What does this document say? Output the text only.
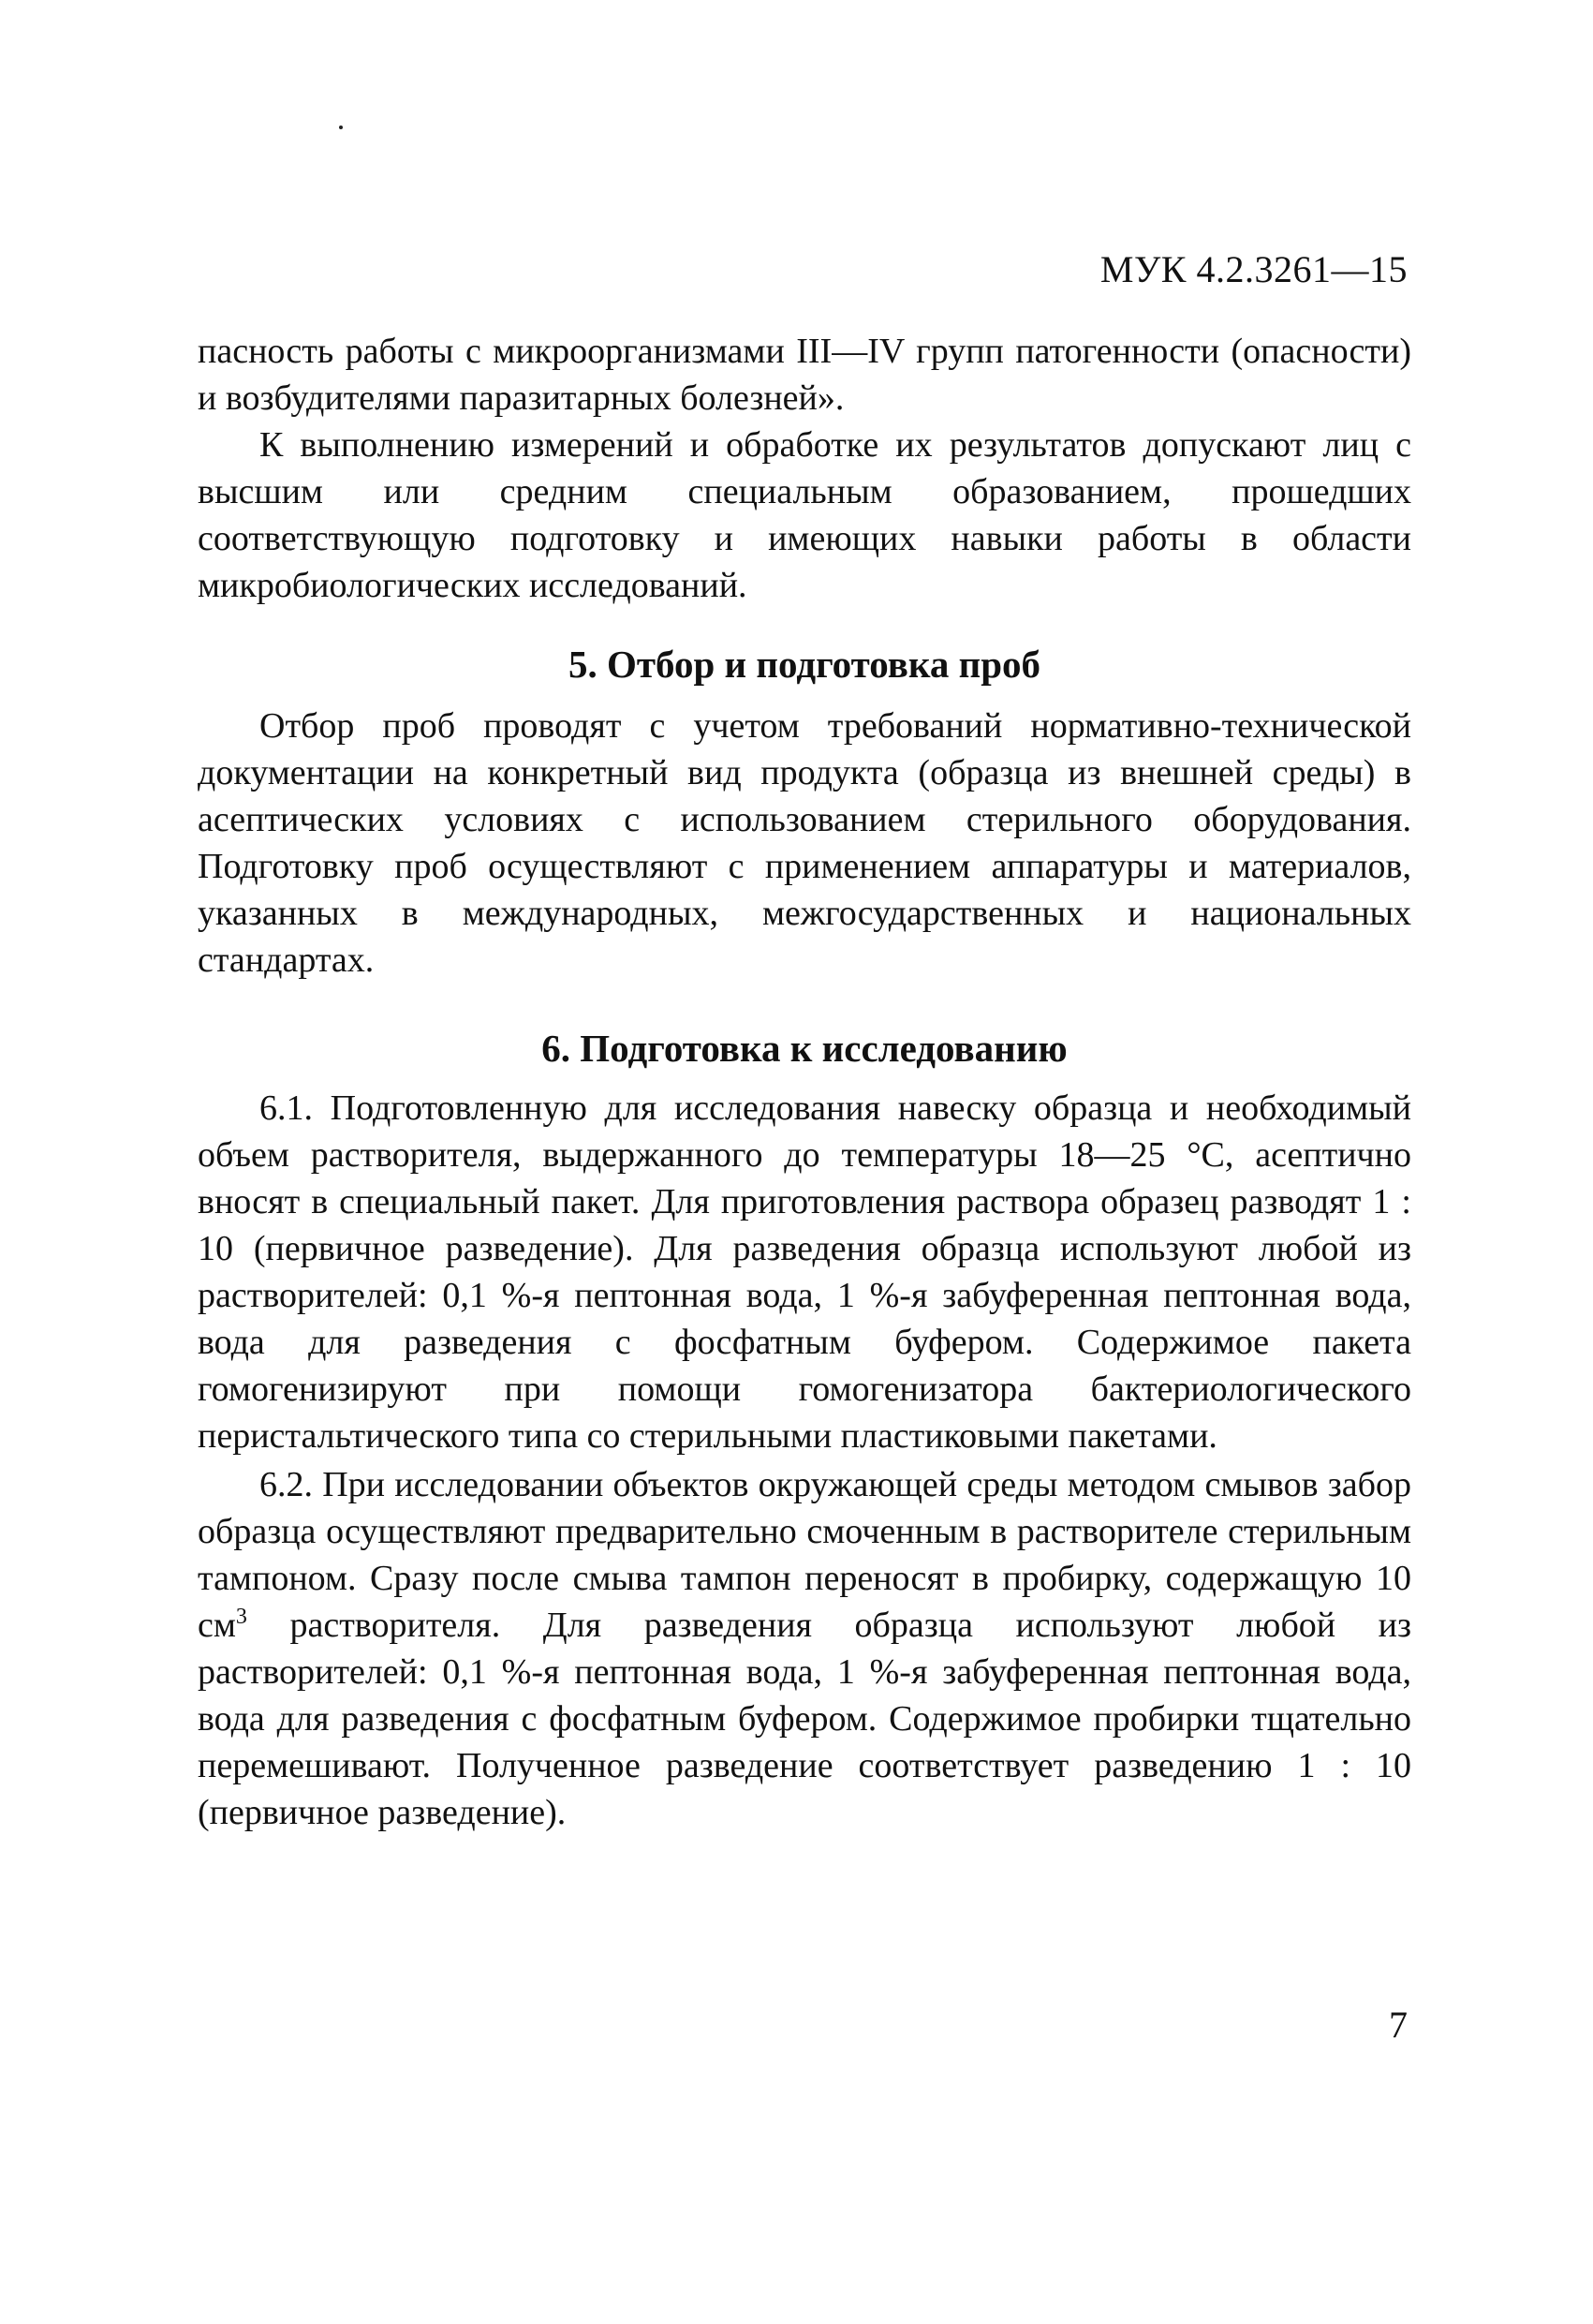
МУК 4.2.3261—15

пасность работы с микроорганизмами III—IV групп патогенности (опасности) и возбудителями паразитарных болезней».

К выполнению измерений и обработке их результатов допускают лиц с высшим или средним специальным образованием, прошедших соответствующую подготовку и имеющих навыки работы в области микробиологических исследований.

5. Отбор и подготовка проб

Отбор проб проводят с учетом требований нормативно-технической документации на конкретный вид продукта (образца из внешней среды) в асептических условиях с использованием стерильного оборудования. Подготовку проб осуществляют с применением аппаратуры и материалов, указанных в международных, межгосударственных и национальных стандартах.

6. Подготовка к исследованию

6.1. Подготовленную для исследования навеску образца и необходимый объем растворителя, выдержанного до температуры 18—25 °С, асептично вносят в специальный пакет. Для приготовления раствора образец разводят 1 : 10 (первичное разведение). Для разведения образца используют любой из растворителей: 0,1 %-я пептонная вода, 1 %-я забуференная пептонная вода, вода для разведения с фосфатным буфером. Содержимое пакета гомогенизируют при помощи гомогенизатора бактериологического перистальтического типа со стерильными пластиковыми пакетами.

6.2. При исследовании объектов окружающей среды методом смывов забор образца осуществляют предварительно смоченным в растворителе стерильным тампоном. Сразу после смыва тампон переносят в пробирку, содержащую 10 $см^3$ растворителя. Для разведения образца используют любой из растворителей: 0,1 %-я пептонная вода, 1 %-я забуференная пептонная вода, вода для разведения с фосфатным буфером. Содержимое пробирки тщательно перемешивают. Полученное разведение соответствует разведению 1 : 10 (первичное разведение).

7
